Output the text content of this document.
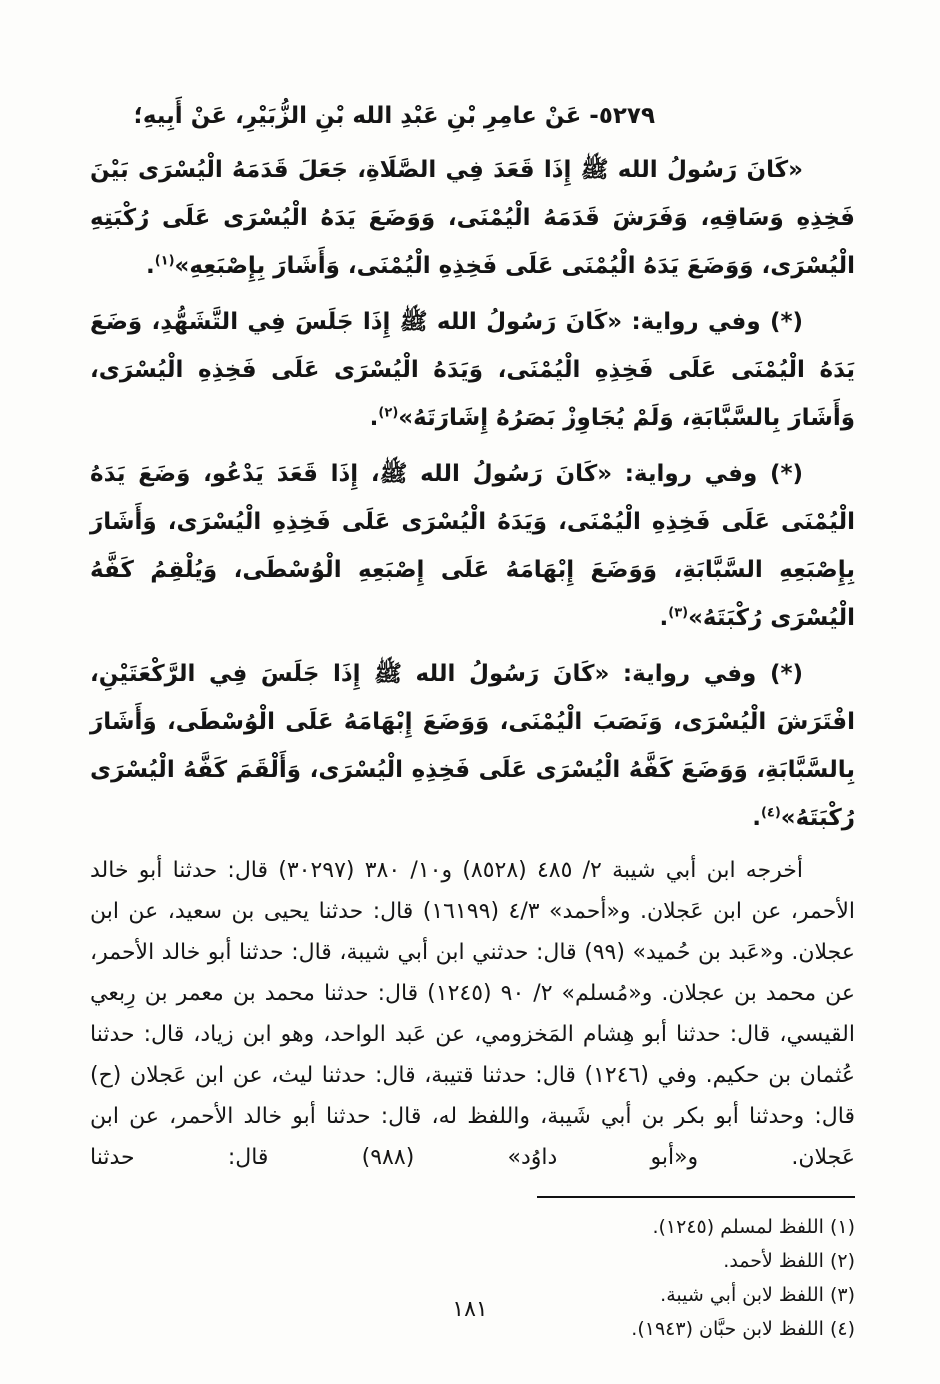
٥٢٧٩- عَنْ عامِرِ بْنِ عَبْدِ الله بْنِ الزُّبَيْرِ، عَنْ أَبِيهِ؛

«كَانَ رَسُولُ الله ﷺ إِذَا قَعَدَ فِي الصَّلَاةِ، جَعَلَ قَدَمَهُ الْيُسْرَى بَيْنَ فَخِذِهِ وَسَاقِهِ، وَفَرَشَ قَدَمَهُ الْيُمْنَى، وَوَضَعَ يَدَهُ الْيُسْرَى عَلَى رُكْبَتِهِ الْيُسْرَى، وَوَضَعَ يَدَهُ الْيُمْنَى عَلَى فَخِذِهِ الْيُمْنَى، وَأَشَارَ بِإِصْبَعِهِ»$^{(١)}$.

(*) وفي رواية: «كَانَ رَسُولُ الله ﷺ إِذَا جَلَسَ فِي التَّشَهُّدِ، وَضَعَ يَدَهُ الْيُمْنَى عَلَى فَخِذِهِ الْيُمْنَى، وَيَدَهُ الْيُسْرَى عَلَى فَخِذِهِ الْيُسْرَى، وَأَشَارَ بِالسَّبَّابَةِ، وَلَمْ يُجَاوِزْ بَصَرُهُ إِشَارَتَهُ»$^{(٢)}$.

(*) وفي رواية: «كَانَ رَسُولُ الله ﷺ، إِذَا قَعَدَ يَدْعُو، وَضَعَ يَدَهُ الْيُمْنَى عَلَى فَخِذِهِ الْيُمْنَى، وَيَدَهُ الْيُسْرَى عَلَى فَخِذِهِ الْيُسْرَى، وَأَشَارَ بِإِصْبَعِهِ السَّبَّابَةِ، وَوَضَعَ إِبْهَامَهُ عَلَى إِصْبَعِهِ الْوُسْطَى، وَيُلْقِمُ كَفَّهُ الْيُسْرَى رُكْبَتَهُ»$^{(٣)}$.

(*) وفي رواية: «كَانَ رَسُولُ الله ﷺ إِذَا جَلَسَ فِي الرَّكْعَتَيْنِ، افْتَرَشَ الْيُسْرَى، وَنَصَبَ الْيُمْنَى، وَوَضَعَ إِبْهَامَهُ عَلَى الْوُسْطَى، وَأَشَارَ بِالسَّبَّابَةِ، وَوَضَعَ كَفَّهُ الْيُسْرَى عَلَى فَخِذِهِ الْيُسْرَى، وَأَلْقَمَ كَفَّهُ الْيُسْرَى رُكْبَتَهُ»$^{(٤)}$.

أخرجه ابن أبي شيبة ٢/ ٤٨٥ (٨٥٢٨) و١٠/ ٣٨٠ (٣٠٢٩٧) قال: حدثنا أبو خالد الأحمر، عن ابن عَجلان. و«أحمد» ٤/٣ (١٦١٩٩) قال: حدثنا يحيى بن سعيد، عن ابن عجلان. و«عَبد بن حُميد» (٩٩) قال: حدثني ابن أبي شيبة، قال: حدثنا أبو خالد الأحمر، عن محمد بن عجلان. و«مُسلم» ٢/ ٩٠ (١٢٤٥) قال: حدثنا محمد بن معمر بن رِبعي القيسي، قال: حدثنا أبو هِشام المَخزومي، عن عَبد الواحد، وهو ابن زياد، قال: حدثنا عُثمان بن حكيم. وفي (١٢٤٦) قال: حدثنا قتيبة، قال: حدثنا ليث، عن ابن عَجلان (ح) قال: وحدثنا أبو بكر بن أبي شَيبة، واللفظ له، قال: حدثنا أبو خالد الأحمر، عن ابن عَجلان. و«أبو داوُد» (٩٨٨) قال: حدثنا

(١) اللفظ لمسلم (١٢٤٥).
(٢) اللفظ لأحمد.
(٣) اللفظ لابن أبي شيبة.
(٤) اللفظ لابن حبَّان (١٩٤٣).
١٨١
